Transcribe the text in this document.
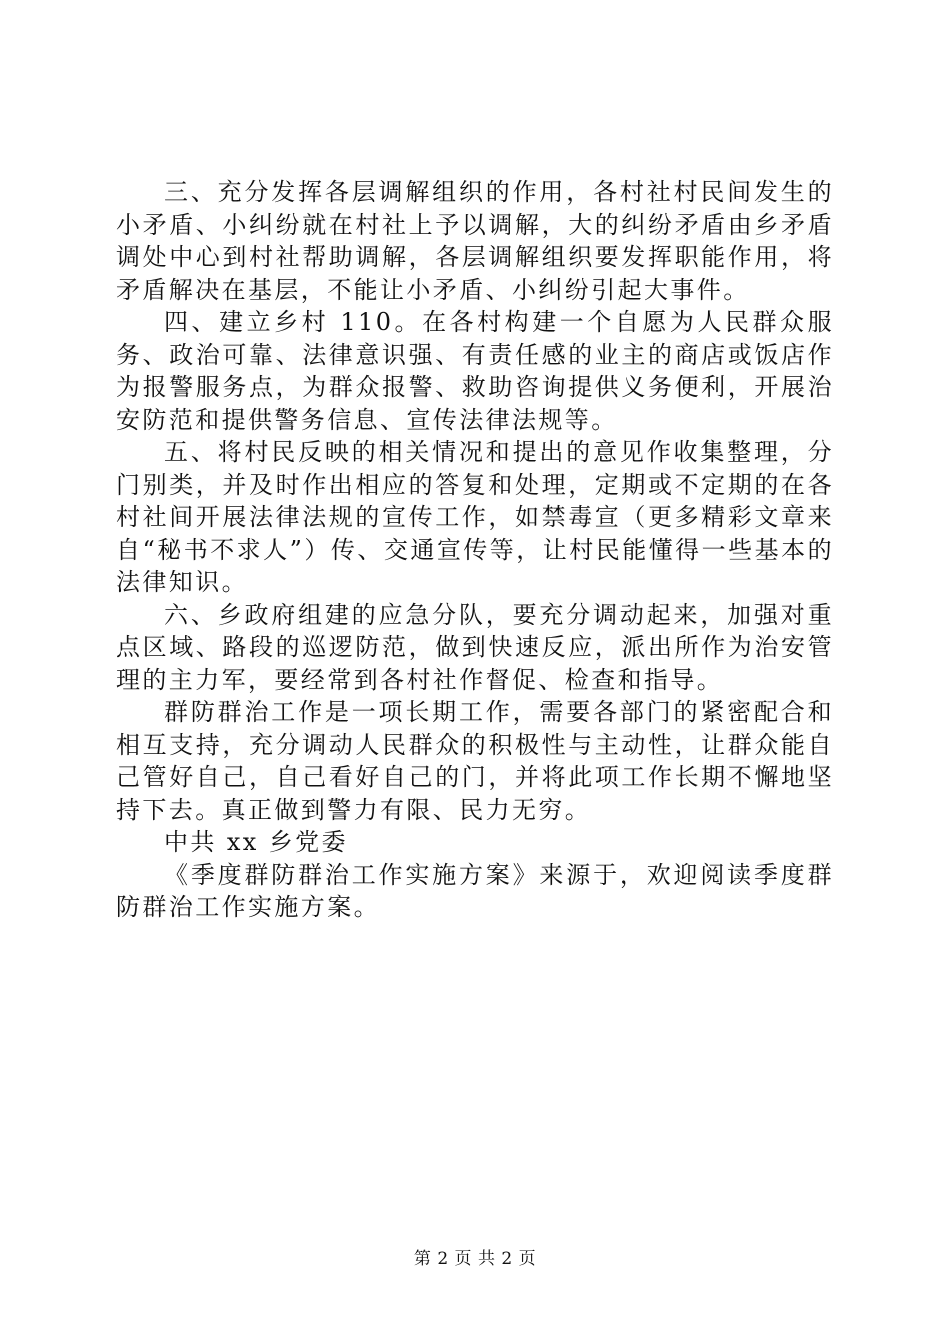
三、充分发挥各层调解组织的作用，各村社村民间发生的小矛盾、小纠纷就在村社上予以调解，大的纠纷矛盾由乡矛盾调处中心到村社帮助调解，各层调解组织要发挥职能作用，将矛盾解决在基层，不能让小矛盾、小纠纷引起大事件。

四、建立乡村 110。在各村构建一个自愿为人民群众服务、政治可靠、法律意识强、有责任感的业主的商店或饭店作为报警服务点，为群众报警、救助咨询提供义务便利，开展治安防范和提供警务信息、宣传法律法规等。

五、将村民反映的相关情况和提出的意见作收集整理，分门别类，并及时作出相应的答复和处理，定期或不定期的在各村社间开展法律法规的宣传工作，如禁毒宣（更多精彩文章来自“秘书不求人”）传、交通宣传等，让村民能懂得一些基本的法律知识。

六、乡政府组建的应急分队，要充分调动起来，加强对重点区域、路段的巡逻防范，做到快速反应，派出所作为治安管理的主力军，要经常到各村社作督促、检查和指导。

群防群治工作是一项长期工作，需要各部门的紧密配合和相互支持，充分调动人民群众的积极性与主动性，让群众能自己管好自己，自己看好自己的门，并将此项工作长期不懈地坚持下去。真正做到警力有限、民力无穷。

中共 xx 乡党委

《季度群防群治工作实施方案》来源于，欢迎阅读季度群防群治工作实施方案。

第 2 页 共 2 页
